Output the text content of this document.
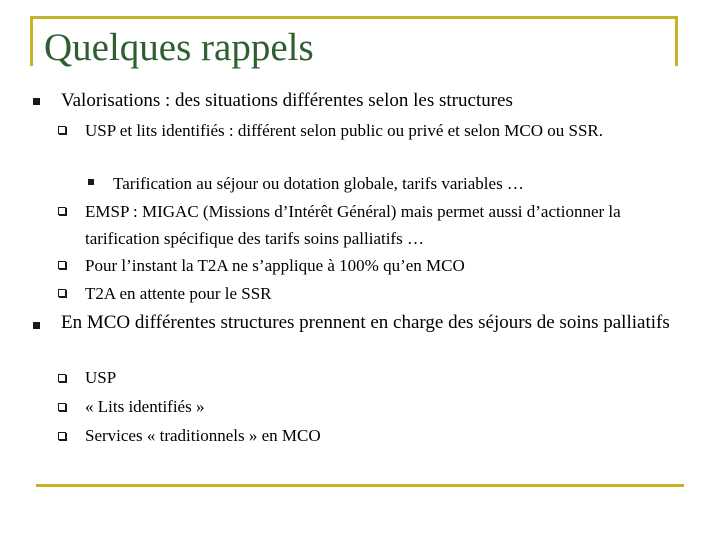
Quelques rappels
Valorisations : des situations différentes selon les structures
USP et lits identifiés : différent selon public ou privé et selon MCO ou SSR.
Tarification au séjour ou dotation globale, tarifs variables …
EMSP : MIGAC (Missions d’Intérêt Général) mais permet aussi d’actionner la tarification spécifique des tarifs soins palliatifs …
Pour l’instant la T2A ne s’applique à 100% qu’en MCO
T2A en attente pour le SSR
En MCO différentes structures prennent en charge des séjours de soins palliatifs
USP
« Lits identifiés »
Services « traditionnels » en MCO
